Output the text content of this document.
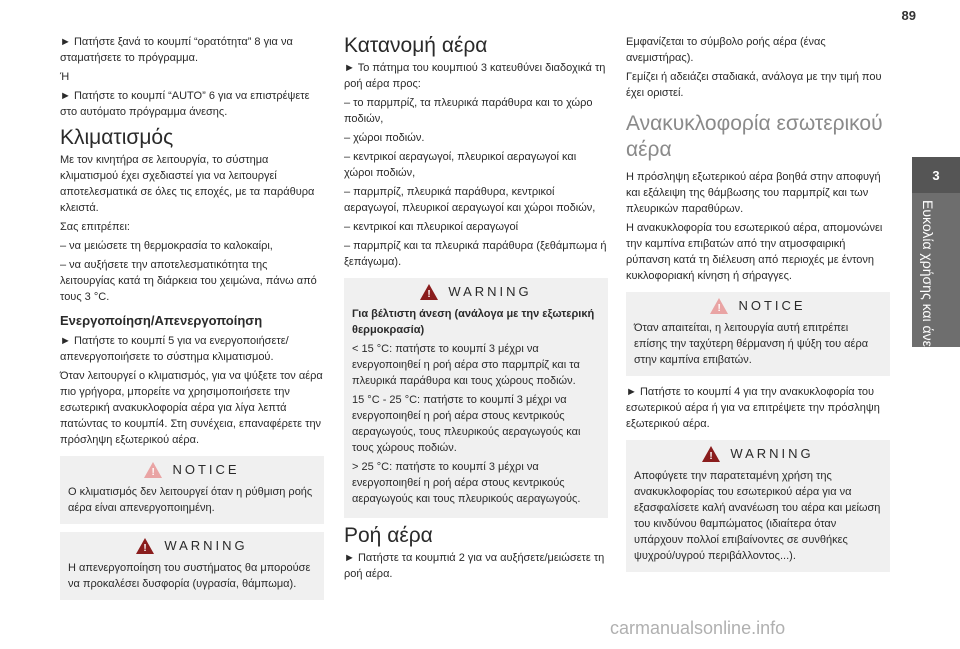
89
3
Ευκολία χρήσης και άνεση

► Πατήστε ξανά το κουμπί “ορατότητα” 8 για να σταματήσετε το πρόγραμμα.

Ή

► Πατήστε το κουμπί “AUTO” 6 για να επιστρέψετε στο αυτόματο πρόγραμμα άνεσης.

Κλιματισμός

Με τον κινητήρα σε λειτουργία, το σύστημα κλιματισμού έχει σχεδιαστεί για να λειτουργεί αποτελεσματικά σε όλες τις εποχές, με τα παράθυρα κλειστά.

Σας επιτρέπει:

– να μειώσετε τη θερμοκρασία το καλοκαίρι,

– να αυξήσετε την αποτελεσματικότητα της λειτουργίας κατά τη διάρκεια του χειμώνα, πάνω από τους 3 °C.

Ενεργοποίηση/Απενεργοποίηση

► Πατήστε το κουμπί 5 για να ενεργοποιήσετε/απενεργοποιήσετε το σύστημα κλιματισμού.

Όταν λειτουργεί ο κλιματισμός, για να ψύξετε τον αέρα πιο γρήγορα, μπορείτε να χρησιμοποιήσετε την εσωτερική ανακυκλοφορία αέρα για λίγα λεπτά πατώντας το κουμπί4. Στη συνέχεια, επαναφέρετε την πρόσληψη εξωτερικού αέρα.

!
NOTICE
Ο κλιματισμός δεν λειτουργεί όταν η ρύθμιση ροής αέρα είναι απενεργοποιημένη.
!
WARNING
Η απενεργοποίηση του συστήματος θα μπορούσε να προκαλέσει δυσφορία (υγρασία, θάμπωμα).
Κατανομή αέρα

► Το πάτημα του κουμπιού 3 κατευθύνει διαδοχικά τη ροή αέρα προς:

– το παρμπρίζ, τα πλευρικά παράθυρα και το χώρο ποδιών,

– χώροι ποδιών.

– κεντρικοί αεραγωγοί, πλευρικοί αεραγωγοί και χώροι ποδιών,

– παρμπρίζ, πλευρικά παράθυρα, κεντρικοί αεραγωγοί, πλευρικοί αεραγωγοί και χώροι ποδιών,

– κεντρικοί και πλευρικοί αεραγωγοί

– παρμπρίζ και τα πλευρικά παράθυρα (ξεθάμπωμα ή ξεπάγωμα).

!
WARNING

Για βέλτιστη άνεση (ανάλογα με την εξωτερική θερμοκρασία)

< 15 °C: πατήστε το κουμπί 3 μέχρι να ενεργοποιηθεί η ροή αέρα στο παρμπρίζ και τα πλευρικά παράθυρα και τους χώρους ποδιών.

15 °C - 25 °C: πατήστε το κουμπί 3 μέχρι να ενεργοποιηθεί η ροή αέρα στους κεντρικούς αεραγωγούς, τους πλευρικούς αεραγωγούς και τους χώρους ποδιών.

> 25 °C: πατήστε το κουμπί 3 μέχρι να ενεργοποιηθεί η ροή αέρα στους κεντρικούς αεραγωγούς και τους πλευρικούς αεραγωγούς.

Ροή αέρα

► Πατήστε τα κουμπιά 2 για να αυξήσετε/μειώσετε τη ροή αέρα.

Εμφανίζεται το σύμβολο ροής αέρα (ένας ανεμιστήρας).

Γεμίζει ή αδειάζει σταδιακά, ανάλογα με την τιμή που έχει οριστεί.

Ανακυκλοφορία εσωτερικού αέρα

Η πρόσληψη εξωτερικού αέρα βοηθά στην αποφυγή και εξάλειψη της θάμβωσης του παρμπρίζ και των πλευρικών παραθύρων.

Η ανακυκλοφορία του εσωτερικού αέρα, απομονώνει την καμπίνα επιβατών από την ατμοσφαιρική ρύπανση κατά τη διέλευση από περιοχές με έντονη κυκλοφοριακή κίνηση ή σήραγγες.

!
NOTICE
Όταν απαιτείται, η λειτουργία αυτή επιτρέπει επίσης την ταχύτερη θέρμανση ή ψύξη του αέρα στην καμπίνα επιβατών.

► Πατήστε το κουμπί 4 για την ανακυκλοφορία του εσωτερικού αέρα ή για να επιτρέψετε την πρόσληψη εξωτερικού αέρα.

!
WARNING
Αποφύγετε την παρατεταμένη χρήση της ανακυκλοφορίας του εσωτερικού αέρα για να εξασφαλίσετε καλή ανανέωση του αέρα και μείωση του κινδύνου θαμπώματος (ιδιαίτερα όταν υπάρχουν πολλοί επιβαίνοντες σε συνθήκες ψυχρού/υγρού περιβάλλοντος...).
carmanualsonline.info
